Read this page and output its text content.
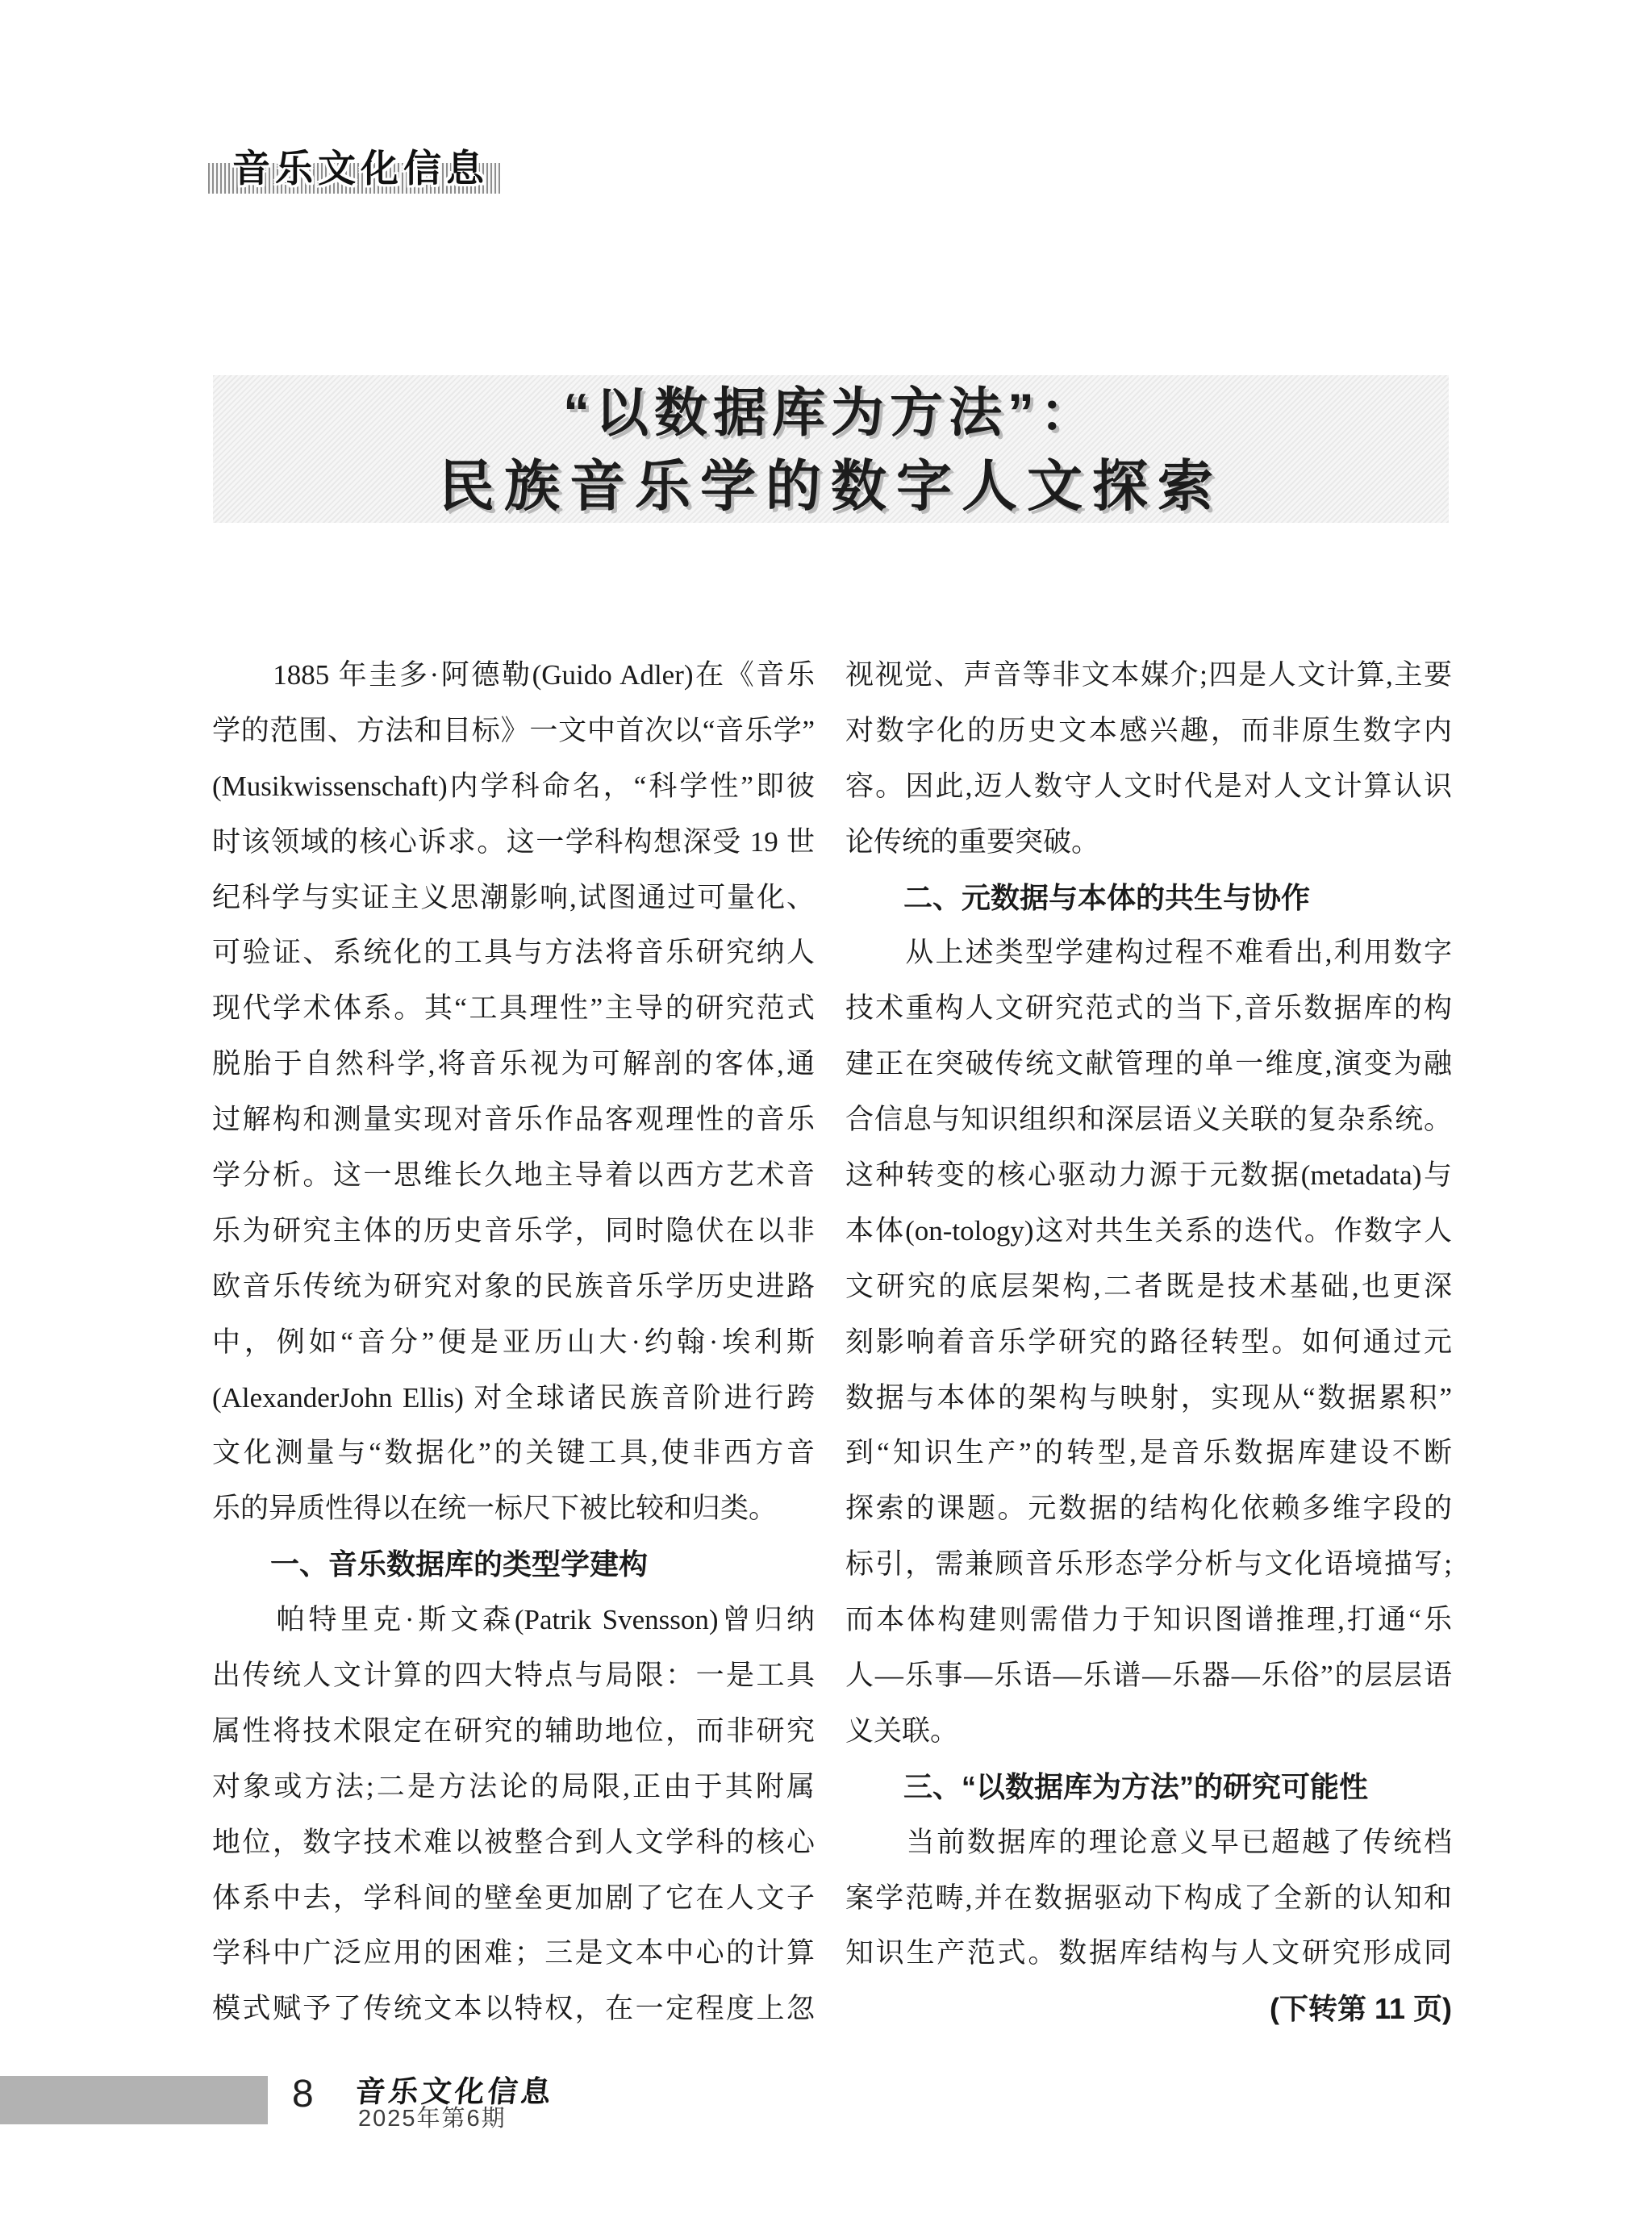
音乐文化信息
“以数据库为方法”：
民族音乐学的数字人文探索
　　1885 年圭多·阿德勒(Guido Adler)在《音乐
学的范围、方法和目标》一文中首次以“音乐学”
(Musikwissenschaft)内学科命名，“科学性”即彼
时该领域的核心诉求。这一学科构想深受 19 世
纪科学与实证主义思潮影响,试图通过可量化、
可验证、系统化的工具与方法将音乐研究纳人
现代学术体系。其“工具理性”主导的研究范式
脱胎于自然科学,将音乐视为可解剖的客体,通
过解构和测量实现对音乐作品客观理性的音乐
学分析。这一思维长久地主导着以西方艺术音
乐为研究主体的历史音乐学，同时隐伏在以非
欧音乐传统为研究对象的民族音乐学历史进路
中，例如“音分”便是亚历山大·约翰·埃利斯
(AlexanderJohn Ellis) 对全球诸民族音阶进行跨
文化测量与“数据化”的关键工具,使非西方音
乐的异质性得以在统一标尺下被比较和归类。
　　一、音乐数据库的类型学建构
　　帕特里克·斯文森(Patrik Svensson)曾归纳
出传统人文计算的四大特点与局限：一是工具
属性将技术限定在研究的辅助地位，而非研究
对象或方法;二是方法论的局限,正由于其附属
地位，数字技术难以被整合到人文学科的核心
体系中去，学科间的壁垒更加剧了它在人文子
学科中广泛应用的困难；三是文本中心的计算
模式赋予了传统文本以特权，在一定程度上忽
视视觉、声音等非文本媒介;四是人文计算,主要
对数字化的历史文本感兴趣，而非原生数字内
容。因此,迈人数守人文时代是对人文计算认识
论传统的重要突破。
　　二、元数据与本体的共生与协作
　　从上述类型学建构过程不难看出,利用数字
技术重构人文研究范式的当下,音乐数据库的构
建正在突破传统文献管理的单一维度,演变为融
合信息与知识组织和深层语义关联的复杂系统。
这种转变的核心驱动力源于元数据(metadata)与
本体(on-tology)这对共生关系的迭代。作数字人
文研究的底层架构,二者既是技术基础,也更深
刻影响着音乐学研究的路径转型。如何通过元
数据与本体的架构与映射，实现从“数据累积”
到“知识生产”的转型,是音乐数据库建设不断
探索的课题。元数据的结构化依赖多维字段的
标引，需兼顾音乐形态学分析与文化语境描写;
而本体构建则需借力于知识图谱推理,打通“乐
人—乐事—乐语—乐谱—乐器—乐俗”的层层语
义关联。
　　三、“以数据库为方法”的研究可能性
　　当前数据库的理论意义早已超越了传统档
案学范畴,并在数据驱动下构成了全新的认知和
知识生产范式。数据库结构与人文研究形成同
(下转第 11 页)
8 音乐文化信息
2025年第6期
